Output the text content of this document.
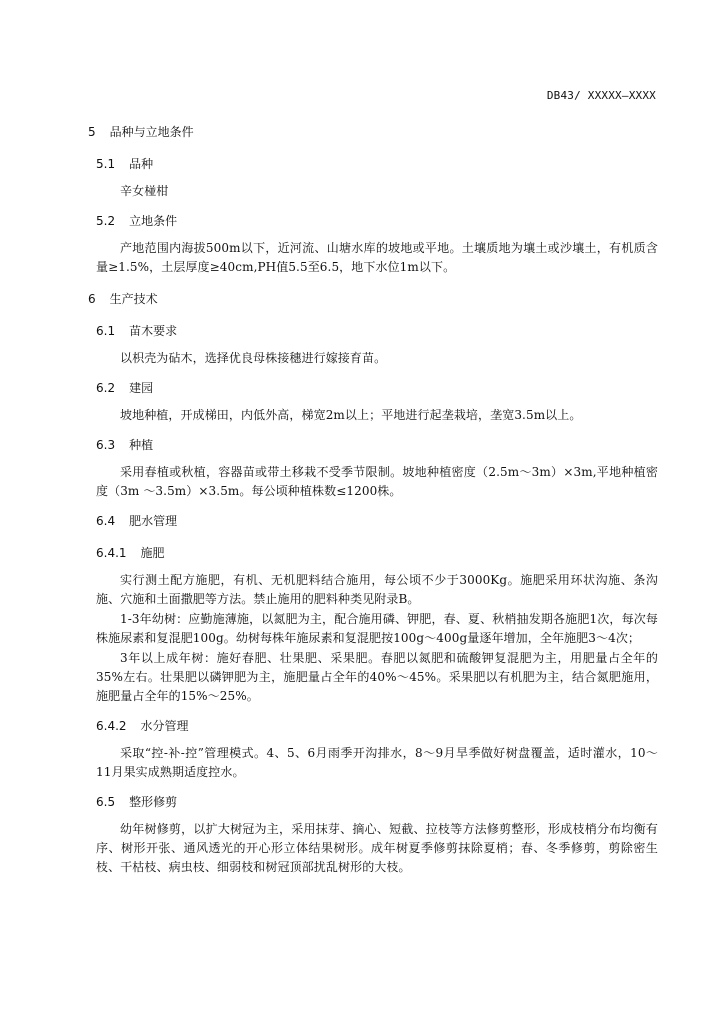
DB43/ XXXXX—XXXX
5 品种与立地条件
5.1 品种

辛女椪柑

5.2 立地条件

产地范围内海拔500m以下，近河流、山塘水库的坡地或平地。土壤质地为壤土或沙壤土，有机质含量≥1.5%，土层厚度≥40cm,PH值5.5至6.5，地下水位1m以下。

6 生产技术
6.1 苗木要求

以枳壳为砧木，选择优良母株接穗进行嫁接育苗。

6.2 建园

坡地种植，开成梯田，内低外高，梯宽2m以上；平地进行起垄栽培，垄宽3.5m以上。

6.3 种植

采用春植或秋植，容器苗或带土移栽不受季节限制。坡地种植密度（2.5m～3m）×3m,平地种植密度（3m ～3.5m）×3.5m。每公顷种植株数≤1200株。

6.4 肥水管理
6.4.1 施肥

实行测土配方施肥，有机、无机肥料结合施用，每公顷不少于3000Kg。施肥采用环状沟施、条沟施、穴施和土面撒肥等方法。禁止施用的肥料种类见附录B。

1-3年幼树：应勤施薄施，以氮肥为主，配合施用磷、钾肥，春、夏、秋梢抽发期各施肥1次，每次每株施尿素和复混肥100g。幼树每株年施尿素和复混肥按100g～400g量逐年增加，全年施肥3～4次；

3年以上成年树：施好春肥、壮果肥、采果肥。春肥以氮肥和硫酸钾复混肥为主，用肥量占全年的35%左右。壮果肥以磷钾肥为主，施肥量占全年的40%～45%。采果肥以有机肥为主，结合氮肥施用，施肥量占全年的15%～25%。

6.4.2 水分管理

采取“控-补-控”管理模式。4、5、6月雨季开沟排水，8～9月旱季做好树盘覆盖，适时灌水，10～11月果实成熟期适度控水。

6.5 整形修剪

幼年树修剪，以扩大树冠为主，采用抹芽、摘心、短截、拉枝等方法修剪整形，形成枝梢分布均衡有序、树形开张、通风透光的开心形立体结果树形。成年树夏季修剪抹除夏梢；春、冬季修剪，剪除密生枝、干枯枝、病虫枝、细弱枝和树冠顶部扰乱树形的大枝。
